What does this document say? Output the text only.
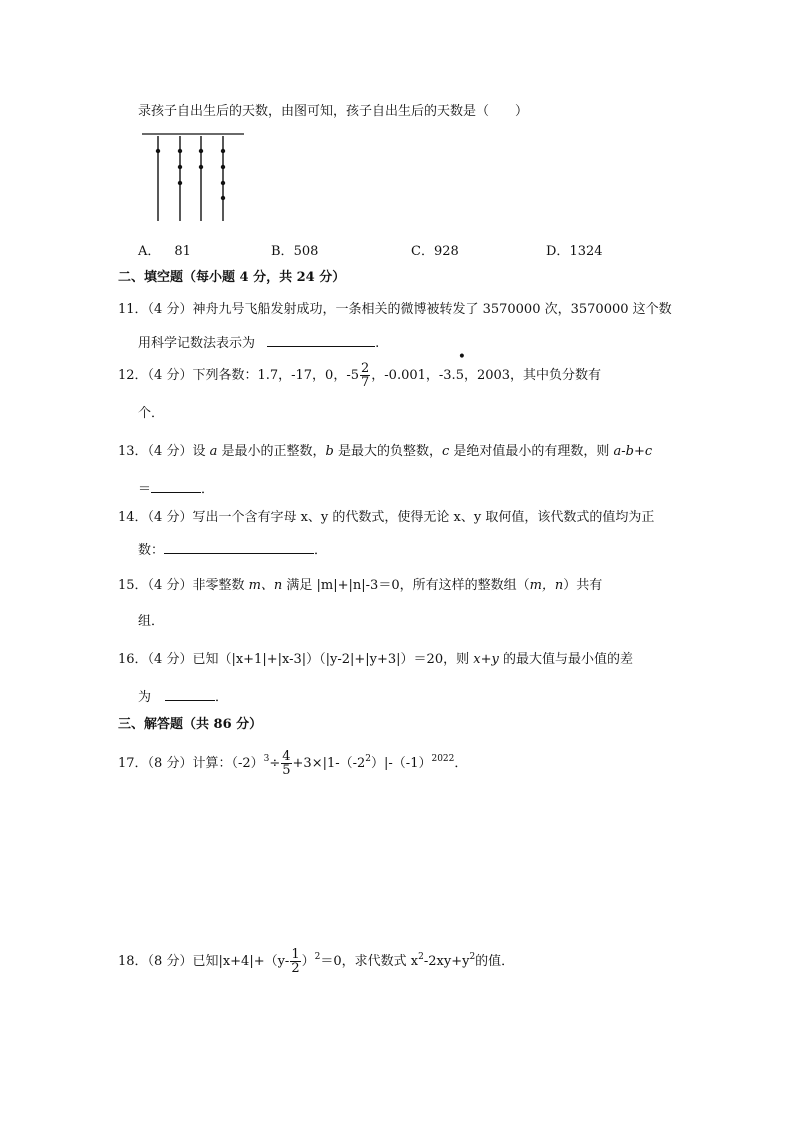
录孩子自出生后的天数，由图可知，孩子自出生后的天数是（　　）
A． 81	B．508	C．928	D．1324
二、填空题（每小题 4 分，共 24 分）
11．（4 分）神舟九号飞船发射成功，一条相关的微博被转发了 3570000 次，3570000 这个数
用科学记数法表示为	.
12．（4 分）下列各数：1.7，-17，0，$-5 \frac{2}{7}$ ，-0.001，-3.
•
5，2003，其中负分数有
个．
13．（4 分）设 a 是最小的正整数，b 是最大的负整数，c 是绝对值最小的有理数，则 a-b+c
＝	．
14．（4 分）写出一个含有字母 x、y 的代数式，使得无论 x、y 取何值，该代数式的值均为正
数：	．
15．（4 分）非零整数 m、n 满足 |m|+|n|-3＝0，所有这样的整数组（m，n）共有
组．
16．（4 分）已知（|x+1|+|x-3|）（|y-2|+|y+3|）＝20，则 x+y 的最大值与最小值的差
为	．
三、解答题（共 86 分）
17．（8 分）计算：$(-2)^3\div \frac{4}{5} +3\times|1-(-2^2)|-(-1)^{2022}$．
18．（8 分）已知$|x+4|+(y- \frac{1}{2} )^2=0$，求代数式 $x^2-2xy+y^2$的值．
